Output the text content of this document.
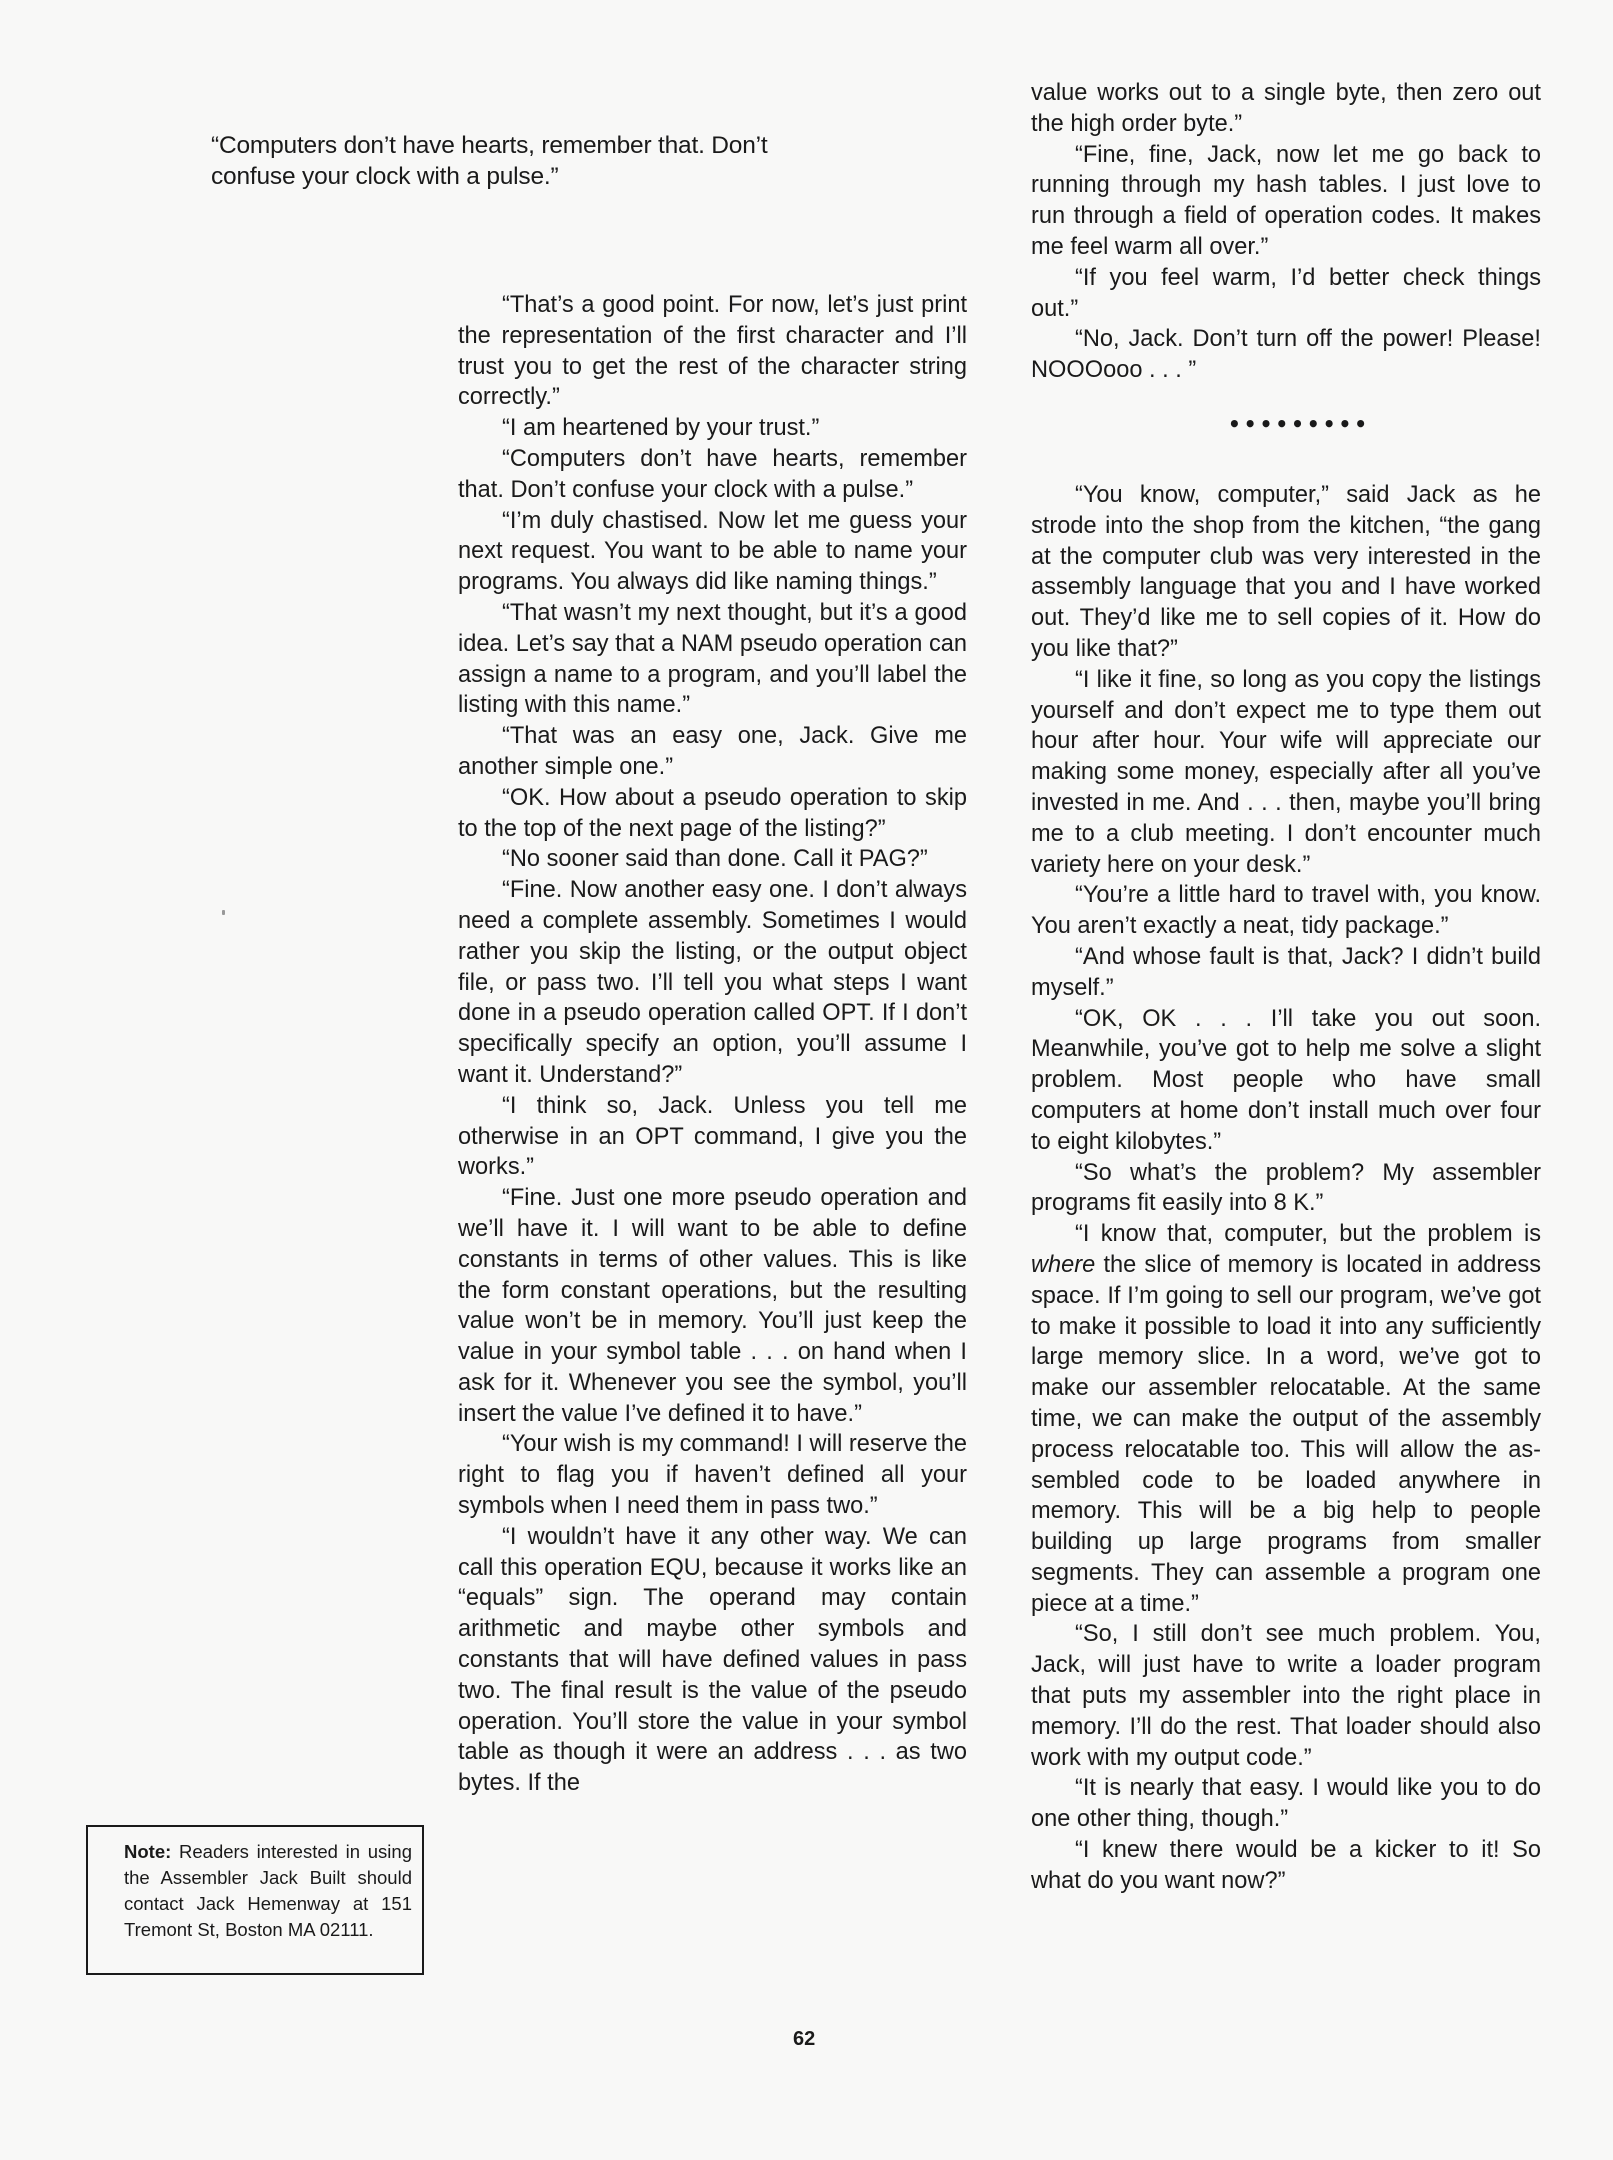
“Computers don’t have hearts, remember that. Don’t confuse your clock with a pulse.”

“That’s a good point. For now, let’s just print the representation of the first character and I’ll trust you to get the rest of the character string correctly.”

“I am heartened by your trust.”

“Computers don’t have hearts, remember that. Don’t confuse your clock with a pulse.”

“I’m duly chastised. Now let me guess your next request. You want to be able to name your programs. You always did like naming things.”

“That wasn’t my next thought, but it’s a good idea. Let’s say that a NAM pseudo operation can assign a name to a program, and you’ll label the listing with this name.”

“That was an easy one, Jack. Give me another simple one.”

“OK. How about a pseudo operation to skip to the top of the next page of the listing?”

“No sooner said than done. Call it PAG?”

“Fine. Now another easy one. I don’t always need a complete assembly. Sometimes I would rather you skip the listing, or the output object file, or pass two. I’ll tell you what steps I want done in a pseudo operation called OPT. If I don’t specifically specify an option, you’ll assume I want it. Understand?”

“I think so, Jack. Unless you tell me otherwise in an OPT command, I give you the works.”

“Fine. Just one more pseudo operation and we’ll have it. I will want to be able to define constants in terms of other values. This is like the form constant operations, but the resulting value won’t be in memory. You’ll just keep the value in your symbol table . . . on hand when I ask for it. Whenever you see the symbol, you’ll insert the value I’ve defined it to have.”

“Your wish is my command! I will reserve the right to flag you if haven’t defined all your symbols when I need them in pass two.”

“I wouldn’t have it any other way. We can call this operation EQU, because it works like an “equals” sign. The operand may contain arithmetic and maybe other symbols and constants that will have defined values in pass two. The final result is the value of the pseudo operation. You’ll store the value in your symbol table as though it were an address . . . as two bytes. If the

value works out to a single byte, then zero out the high order byte.”

“Fine, fine, Jack, now let me go back to running through my hash tables. I just love to run through a field of operation codes. It makes me feel warm all over.”

“If you feel warm, I’d better check things out.”

“No, Jack. Don’t turn off the power! Please! NOOOooo . . . ”

•••••••••

“You know, computer,” said Jack as he strode into the shop from the kitchen, “the gang at the computer club was very interested in the assembly language that you and I have worked out. They’d like me to sell copies of it. How do you like that?”

“I like it fine, so long as you copy the listings yourself and don’t expect me to type them out hour after hour. Your wife will appreciate our making some money, especially after all you’ve invested in me. And . . . then, maybe you’ll bring me to a club meeting. I don’t encounter much variety here on your desk.”

“You’re a little hard to travel with, you know. You aren’t exactly a neat, tidy package.”

“And whose fault is that, Jack? I didn’t build myself.”

“OK, OK . . . I’ll take you out soon. Meanwhile, you’ve got to help me solve a slight problem. Most people who have small computers at home don’t install much over four to eight kilobytes.”

“So what’s the problem? My assembler programs fit easily into 8 K.”

“I know that, computer, but the problem is where the slice of memory is located in address space. If I’m going to sell our program, we’ve got to make it possible to load it into any sufficiently large memory slice. In a word, we’ve got to make our assembler relocatable. At the same time, we can make the output of the assembly process relocatable too. This will allow the assembled code to be loaded anywhere in memory. This will be a big help to people building up large programs from smaller segments. They can assemble a program one piece at a time.”

“So, I still don’t see much problem. You, Jack, will just have to write a loader program that puts my assembler into the right place in memory. I’ll do the rest. That loader should also work with my output code.”

“It is nearly that easy. I would like you to do one other thing, though.”

“I knew there would be a kicker to it! So what do you want now?”

Note: Readers interested in using the Assembler Jack Built should contact Jack Hemenway at 151 Tremont St, Boston MA 02111.
62
